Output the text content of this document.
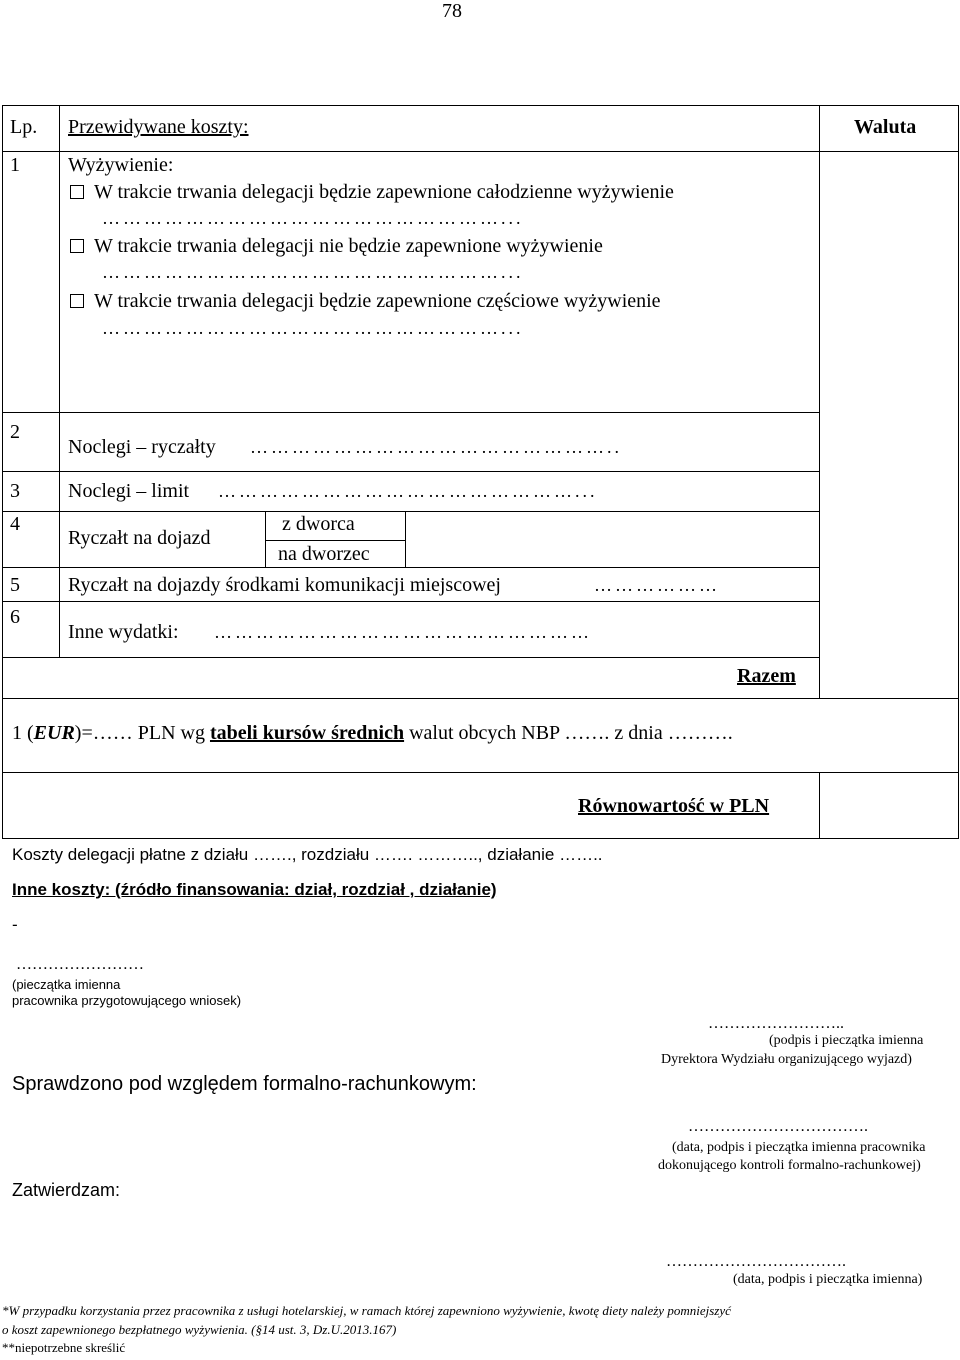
78
Lp. Przewidywane koszty:	Waluta
1 Wyżywienie:
W trakcie trwania delegacji będzie zapewnione całodzienne wyżywienie
…………………………………………………...
W trakcie trwania delegacji nie będzie zapewnione wyżywienie
…………………………………………………...
W trakcie trwania delegacji będzie zapewnione częściowe wyżywienie
…………………………………………………...
2
Noclegi – ryczałty ……………………………………………..
3 Noclegi – limit ……………………………………………...
4
Ryczałt na dojazd
z dworca
na dworzec
5 Ryczałt na dojazdy środkami komunikacji miejscowej	………………
6
Inne wydatki: ………………………………………………
Razem
1 (EUR)=…… PLN wg tabeli kursów średnich walut obcych NBP ……. z dnia ……….
Równowartość w PLN
Koszty delegacji płatne z działu ……., rozdziału ……. ……….., działanie ……..
Inne koszty: (źródło finansowania: dział, rozdział , działanie)
-
……………………
(pieczątka imienna
pracownika przygotowującego wniosek)
……………………..
(podpis i pieczątka imienna
Dyrektora Wydziału organizującego wyjazd)
Sprawdzono pod względem formalno-rachunkowym:
…………………………….
(data, podpis i pieczątka imienna pracownika
dokonującego kontroli formalno-rachunkowej)
Zatwierdzam:
…………………………….
(data, podpis i pieczątka imienna)
*W przypadku korzystania przez pracownika z usługi hotelarskiej, w ramach której zapewniono wyżywienie, kwotę diety należy pomniejszyć
o koszt zapewnionego bezpłatnego wyżywienia. (§14 ust. 3, Dz.U.2013.167)
**niepotrzebne skreślić
